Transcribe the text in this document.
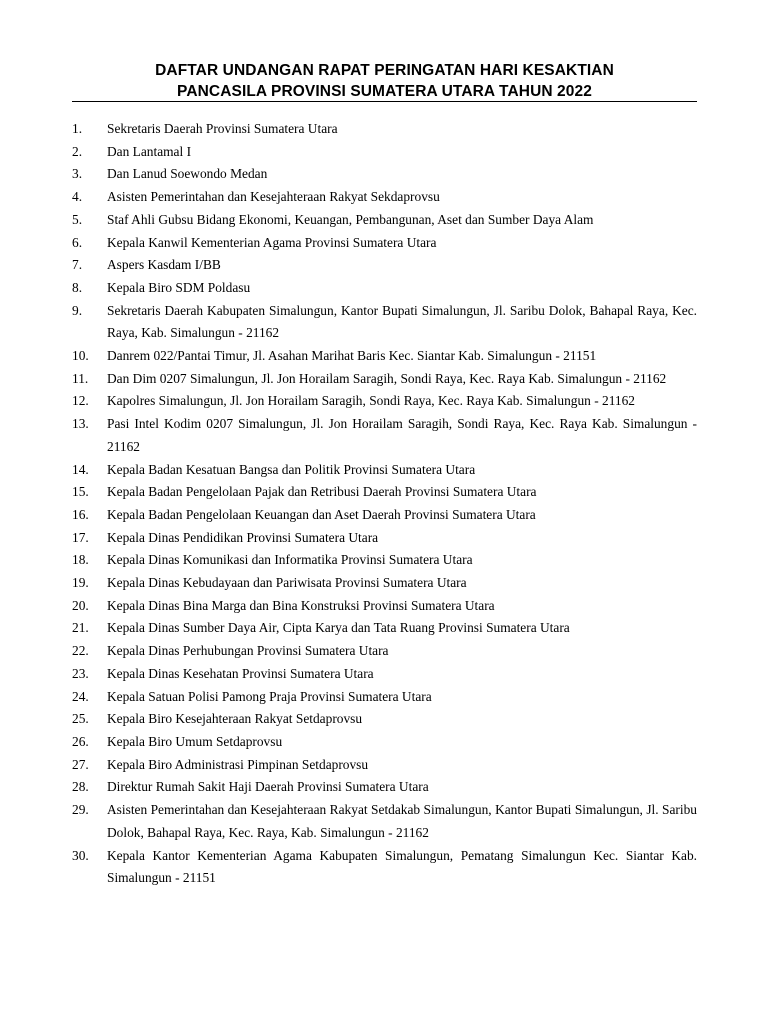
DAFTAR UNDANGAN RAPAT PERINGATAN HARI KESAKTIAN
PANCASILA PROVINSI SUMATERA UTARA TAHUN 2022
1.	Sekretaris Daerah Provinsi Sumatera Utara
2.	Dan Lantamal I
3.	Dan Lanud Soewondo Medan
4.	Asisten Pemerintahan dan Kesejahteraan Rakyat Sekdaprovsu
5.	Staf Ahli Gubsu Bidang Ekonomi, Keuangan, Pembangunan, Aset dan Sumber Daya Alam
6.	Kepala Kanwil Kementerian Agama Provinsi Sumatera Utara
7.	Aspers Kasdam I/BB
8.	Kepala Biro SDM Poldasu
9.	Sekretaris Daerah Kabupaten Simalungun, Kantor Bupati Simalungun, Jl. Saribu Dolok, Bahapal Raya, Kec. Raya, Kab. Simalungun - 21162
10.	Danrem 022/Pantai Timur, Jl. Asahan Marihat Baris Kec. Siantar Kab. Simalungun - 21151
11.	Dan Dim 0207 Simalungun, Jl. Jon Horailam Saragih, Sondi Raya, Kec. Raya Kab. Simalungun - 21162
12.	Kapolres Simalungun, Jl. Jon Horailam Saragih, Sondi Raya, Kec. Raya Kab. Simalungun - 21162
13.	Pasi Intel Kodim 0207 Simalungun, Jl. Jon Horailam Saragih, Sondi Raya, Kec. Raya Kab. Simalungun - 21162
14.	Kepala Badan Kesatuan Bangsa dan Politik Provinsi Sumatera Utara
15.	Kepala Badan Pengelolaan Pajak dan Retribusi Daerah Provinsi Sumatera Utara
16.	Kepala Badan Pengelolaan Keuangan dan Aset Daerah Provinsi Sumatera Utara
17.	Kepala Dinas Pendidikan Provinsi Sumatera Utara
18.	Kepala Dinas Komunikasi dan Informatika Provinsi Sumatera Utara
19.	Kepala Dinas Kebudayaan dan Pariwisata Provinsi Sumatera Utara
20.	Kepala Dinas Bina Marga dan Bina Konstruksi Provinsi Sumatera Utara
21.	Kepala Dinas Sumber Daya Air, Cipta Karya dan Tata Ruang Provinsi Sumatera Utara
22.	Kepala Dinas Perhubungan Provinsi Sumatera Utara
23.	Kepala Dinas Kesehatan Provinsi Sumatera Utara
24.	Kepala Satuan Polisi Pamong Praja Provinsi Sumatera Utara
25.	Kepala Biro Kesejahteraan Rakyat Setdaprovsu
26.	Kepala Biro Umum Setdaprovsu
27.	Kepala Biro Administrasi Pimpinan Setdaprovsu
28.	Direktur Rumah Sakit Haji Daerah Provinsi Sumatera Utara
29.	Asisten Pemerintahan dan Kesejahteraan Rakyat Setdakab Simalungun, Kantor Bupati Simalungun, Jl. Saribu Dolok, Bahapal Raya, Kec. Raya, Kab. Simalungun - 21162
30.	Kepala Kantor Kementerian Agama Kabupaten Simalungun, Pematang Simalungun Kec. Siantar Kab. Simalungun - 21151
